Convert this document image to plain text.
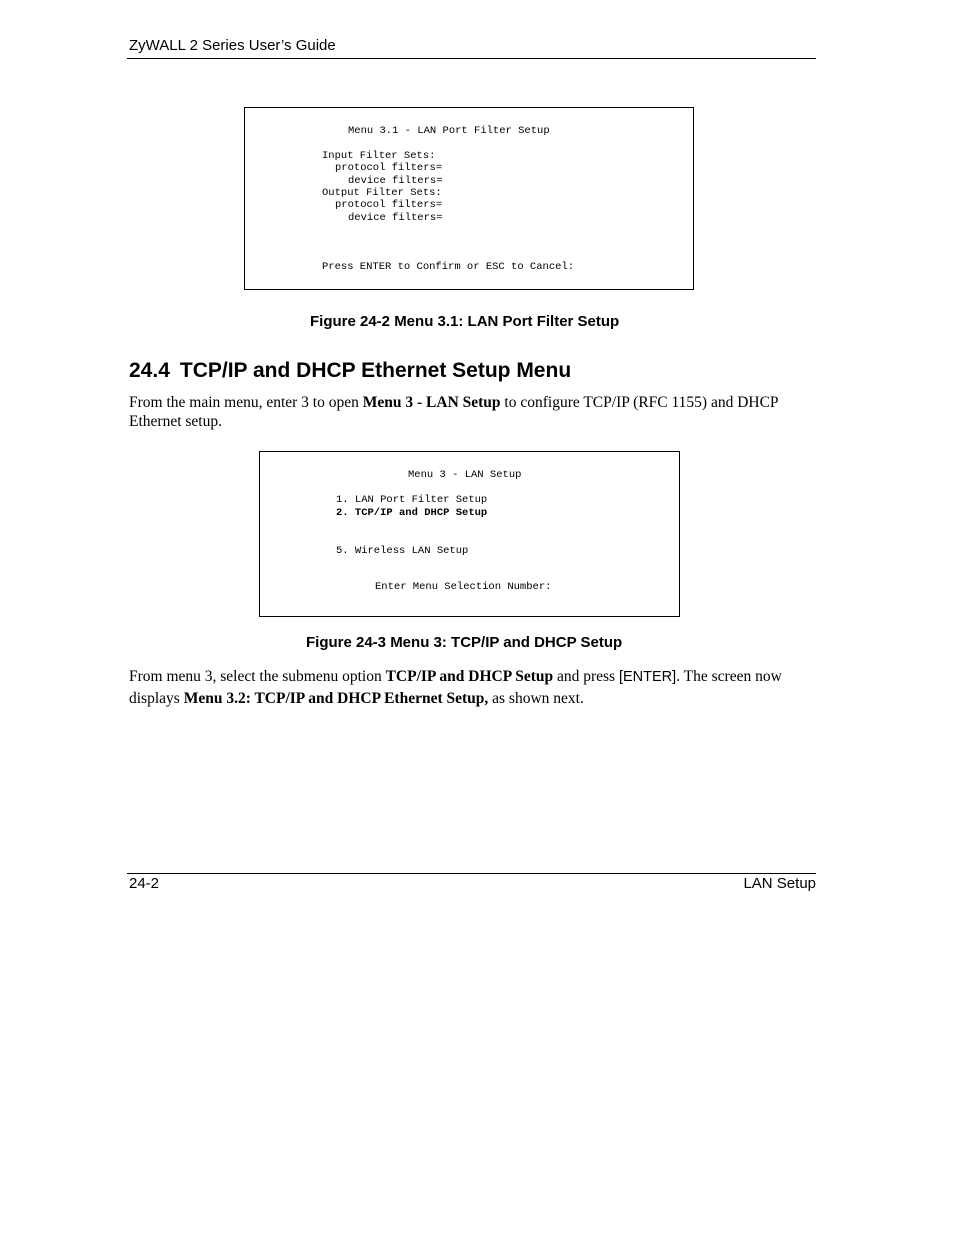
ZyWALL 2 Series User’s Guide
Menu 3.1 - LAN Port Filter Setup
Input Filter Sets:
protocol filters=
device filters=
Output Filter Sets:
protocol filters=
device filters=
Press ENTER to Confirm or ESC to Cancel:
Figure 24-2 Menu 3.1: LAN Port Filter Setup
24.4 TCP/IP and DHCP Ethernet Setup Menu
From the main menu, enter 3 to open Menu 3 - LAN Setup to configure TCP/IP (RFC 1155) and DHCP Ethernet setup.
Menu 3 - LAN Setup
1. LAN Port Filter Setup
2. TCP/IP and DHCP Setup
5. Wireless LAN Setup
Enter Menu Selection Number:
Figure 24-3 Menu 3: TCP/IP and DHCP Setup
From menu 3, select the submenu option TCP/IP and DHCP Setup and press [ENTER]. The screen now displays Menu 3.2: TCP/IP and DHCP Ethernet Setup, as shown next.
24-2	LAN Setup
